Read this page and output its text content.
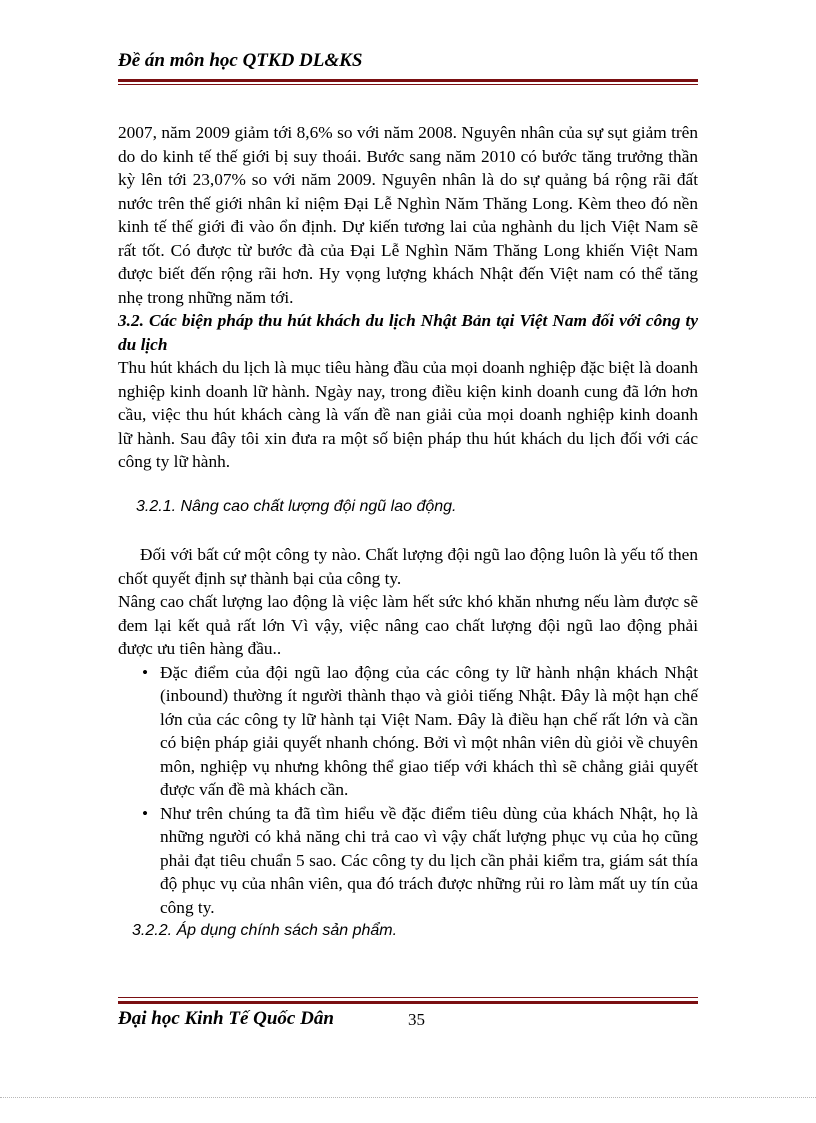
Đề án môn học QTKD DL&KS

2007, năm 2009 giảm tới 8,6% so với năm 2008. Nguyên nhân của sự sụt giảm trên do do kinh tế thế giới bị suy thoái. Bước sang năm 2010 có bước tăng trưởng thần kỳ lên tới 23,07% so với năm 2009. Nguyên nhân là do sự quảng bá rộng rãi đất nước trên thế giới nhân kỉ niệm Đại Lễ Nghìn Năm Thăng Long. Kèm theo đó nền kinh tế thế giới đi vào ổn định. Dự kiến tương lai của nghành du lịch Việt Nam sẽ rất tốt. Có được từ bước đà của Đại Lễ Nghìn Năm Thăng Long khiến Việt Nam được biết đến rộng rãi hơn. Hy vọng lượng khách Nhật đến Việt nam có thể tăng nhẹ trong những năm tới.

3.2. Các biện pháp thu hút khách du lịch Nhật Bản tại Việt Nam đối với công ty du lịch

Thu hút khách du lịch là mục tiêu hàng đầu của mọi doanh nghiệp đặc biệt là doanh nghiệp kinh doanh lữ hành. Ngày nay, trong điều kiện kinh doanh cung đã lớn hơn cầu, việc thu hút khách càng là vấn đề nan giải của mọi doanh nghiệp kinh doanh lữ hành. Sau đây tôi xin đưa ra một số biện pháp thu hút khách du lịch đối với các công ty lữ hành.

3.2.1. Nâng cao chất lượng đội ngũ lao động.

Đối với bất cứ một công ty nào. Chất lượng đội ngũ lao động luôn là yếu tố then chốt quyết định sự thành bại của công ty.

Nâng cao chất lượng lao động là việc làm hết sức khó khăn nhưng nếu làm được sẽ đem lại kết quả rất lớn Vì vậy, việc nâng cao chất lượng đội ngũ lao động phải được ưu tiên hàng đầu..

• Đặc điểm của đội ngũ lao động của các công ty lữ hành nhận khách Nhật (inbound) thường ít người thành thạo và giỏi tiếng Nhật. Đây là một hạn chế lớn của các công ty lữ hành tại Việt Nam. Đây là điều hạn chế rất lớn và cần có biện pháp giải quyết nhanh chóng. Bởi vì một nhân viên dù giỏi về chuyên môn, nghiệp vụ nhưng không thể giao tiếp với khách thì sẽ chẳng giải quyết được vấn đề mà khách cần.
• Như trên chúng ta đã tìm hiểu về đặc điểm tiêu dùng của khách Nhật, họ là những người có khả năng chi trả cao vì vậy chất lượng phục vụ của họ cũng phải đạt tiêu chuẩn 5 sao. Các công ty du lịch cần phải kiểm tra, giám sát thía độ phục vụ của nhân viên, qua đó trách được những rủi ro làm mất uy tín của công ty.

3.2.2. Áp dụng chính sách sản phẩm.

Đại học Kinh Tế Quốc Dân	35
